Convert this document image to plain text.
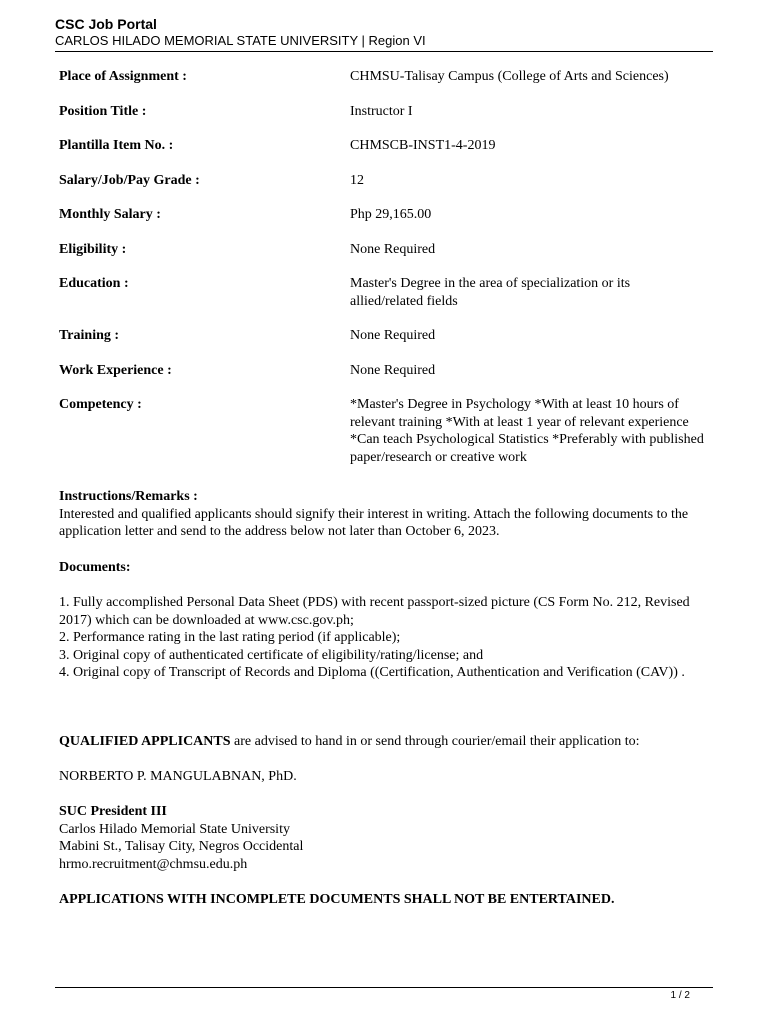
CSC Job Portal
CARLOS HILADO MEMORIAL STATE UNIVERSITY | Region VI
Place of Assignment :	CHMSU-Talisay Campus (College of Arts and Sciences)
Position Title :	Instructor I
Plantilla Item No. :	CHMSCB-INST1-4-2019
Salary/Job/Pay Grade :	12
Monthly Salary :	Php 29,165.00
Eligibility :	None Required
Education :	Master's Degree in the area of specialization or its allied/related fields
Training :	None Required
Work Experience :	None Required
Competency :	*Master's Degree in Psychology *With at least 10 hours of relevant training *With at least 1 year of relevant experience *Can teach Psychological Statistics *Preferably with published paper/research or creative work

Instructions/Remarks :

Interested and qualified applicants should signify their interest in writing. Attach the following documents to the application letter and send to the address below not later than October 6, 2023.

Documents:

1. Fully accomplished Personal Data Sheet (PDS) with recent passport-sized picture (CS Form No. 212, Revised 2017) which can be downloaded at www.csc.gov.ph;

2. Performance rating in the last rating period (if applicable);

3. Original copy of authenticated certificate of eligibility/rating/license; and

4. Original copy of Transcript of Records and Diploma ((Certification, Authentication and Verification (CAV)) .

QUALIFIED APPLICANTS are advised to hand in or send through courier/email their application to:

NORBERTO P. MANGULABNAN, PhD.

SUC President III

Carlos Hilado Memorial State University

Mabini St., Talisay City, Negros Occidental

hrmo.recruitment@chmsu.edu.ph

APPLICATIONS WITH INCOMPLETE DOCUMENTS SHALL NOT BE ENTERTAINED.
1 / 2
